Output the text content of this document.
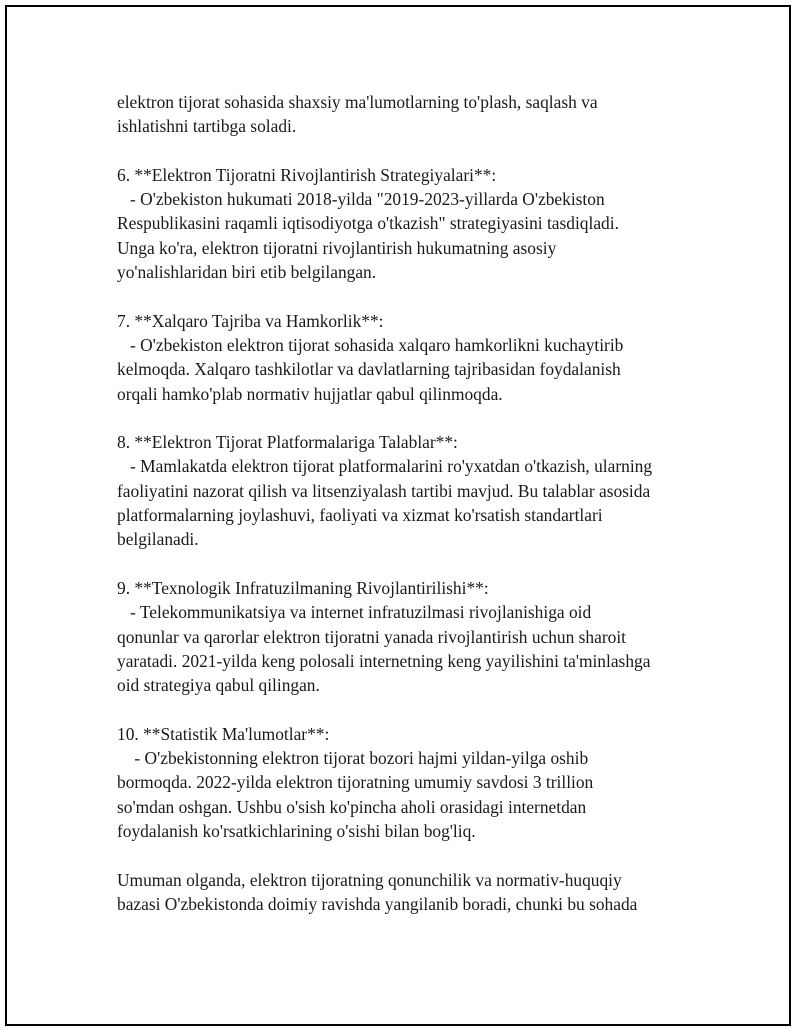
elektron tijorat sohasida shaxsiy ma'lumotlarning to'plash, saqlash va
ishlatishni tartibga soladi.
6. **Elektron Tijoratni Rivojlantirish Strategiyalari**:
- O'zbekiston hukumati 2018-yilda "2019-2023-yillarda O'zbekiston
Respublikasini raqamli iqtisodiyotga o'tkazish" strategiyasini tasdiqladi.
Unga ko'ra, elektron tijoratni rivojlantirish hukumatning asosiy
yo'nalishlaridan biri etib belgilangan.
7. **Xalqaro Tajriba va Hamkorlik**:
- O'zbekiston elektron tijorat sohasida xalqaro hamkorlikni kuchaytirib
kelmoqda. Xalqaro tashkilotlar va davlatlarning tajribasidan foydalanish
orqali hamko'plab normativ hujjatlar qabul qilinmoqda.
8. **Elektron Tijorat Platformalariga Talablar**:
- Mamlakatda elektron tijorat platformalarini ro'yxatdan o'tkazish, ularning
faoliyatini nazorat qilish va litsenziyalash tartibi mavjud. Bu talablar asosida
platformalarning joylashuvi, faoliyati va xizmat ko'rsatish standartlari
belgilanadi.
9. **Texnologik Infratuzilmaning Rivojlantirilishi**:
- Telekommunikatsiya va internet infratuzilmasi rivojlanishiga oid
qonunlar va qarorlar elektron tijoratni yanada rivojlantirish uchun sharoit
yaratadi. 2021-yilda keng polosali internetning keng yayilishini ta'minlashga
oid strategiya qabul qilingan.
10. **Statistik Ma'lumotlar**:
- O'zbekistonning elektron tijorat bozori hajmi yildan-yilga oshib
bormoqda. 2022-yilda elektron tijoratning umumiy savdosi 3 trillion
so'mdan oshgan. Ushbu o'sish ko'pincha aholi orasidagi internetdan
foydalanish ko'rsatkichlarining o'sishi bilan bog'liq.
Umuman olganda, elektron tijoratning qonunchilik va normativ-huquqiy
bazasi O'zbekistonda doimiy ravishda yangilanib boradi, chunki bu sohada
